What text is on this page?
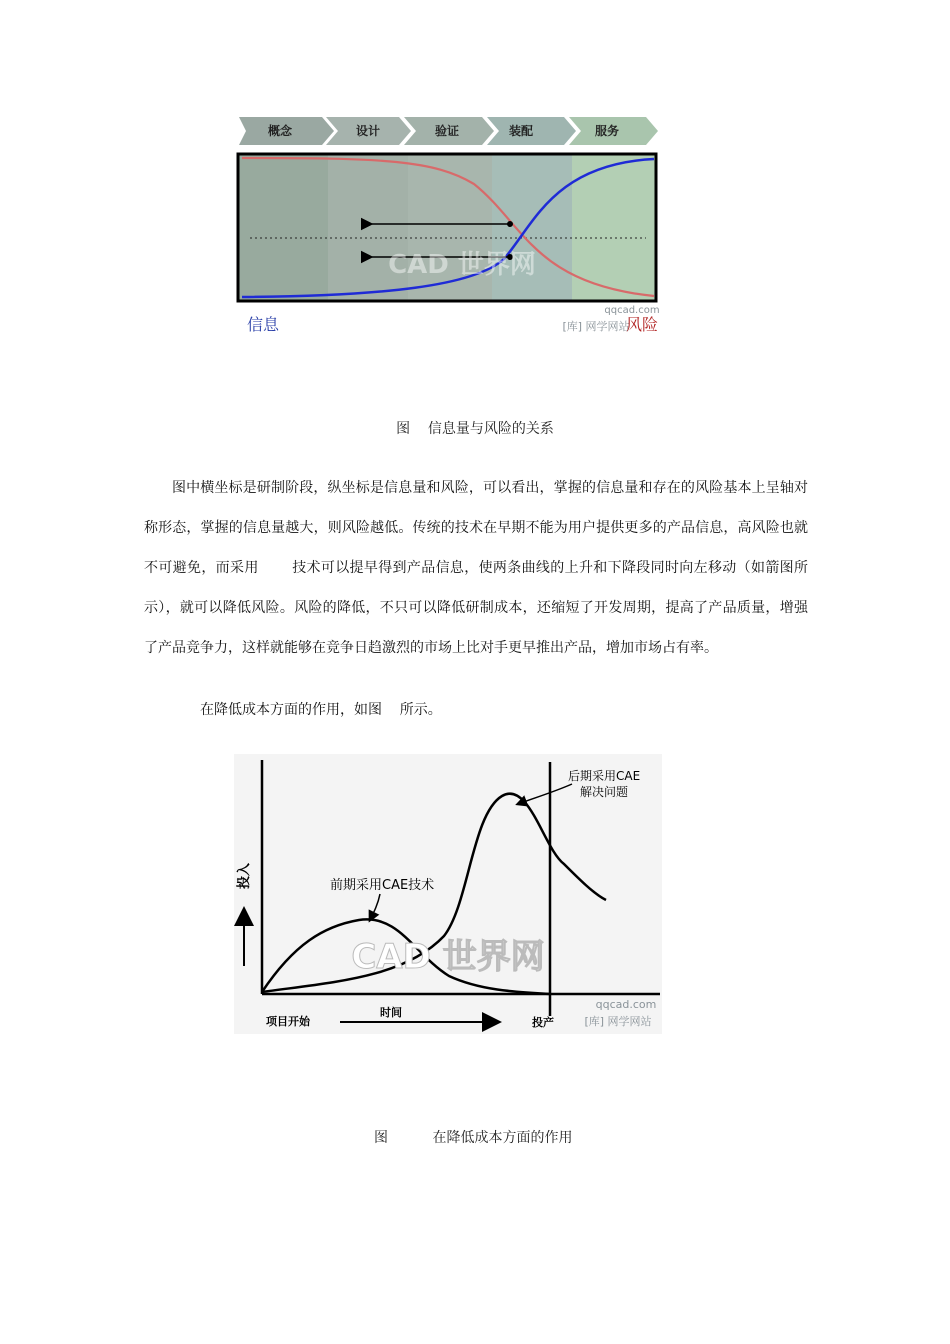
概念	设计	验证	装配	服务
CAD 世界网
qqcad.com
[库] 网学网站
信息	风险
图    信息量与风险的关系

图中横坐标是研制阶段，纵坐标是信息量和风险，可以看出，掌握的信息量和存在的风险基本上呈轴对称形态，掌握的信息量越大，则风险越低。传统的技术在早期不能为用户提供更多的产品信息，高风险也就不可避免，而采用       技术可以提早得到产品信息，使两条曲线的上升和下降段同时向左移动（如箭图所示），就可以降低风险。风险的降低，不只可以降低研制成本，还缩短了开发周期，提高了产品质量，增强了产品竞争力，这样就能够在竞争日趋激烈的市场上比对手更早推出产品，增加市场占有率。

在降低成本方面的作用，如图    所示。

投入	前期采用CAE技术
后期采用CAE
解决问题
CAD 世界网
qqcad.com
[库] 网学网站
项目开始
时间
投产
图          在降低成本方面的作用
